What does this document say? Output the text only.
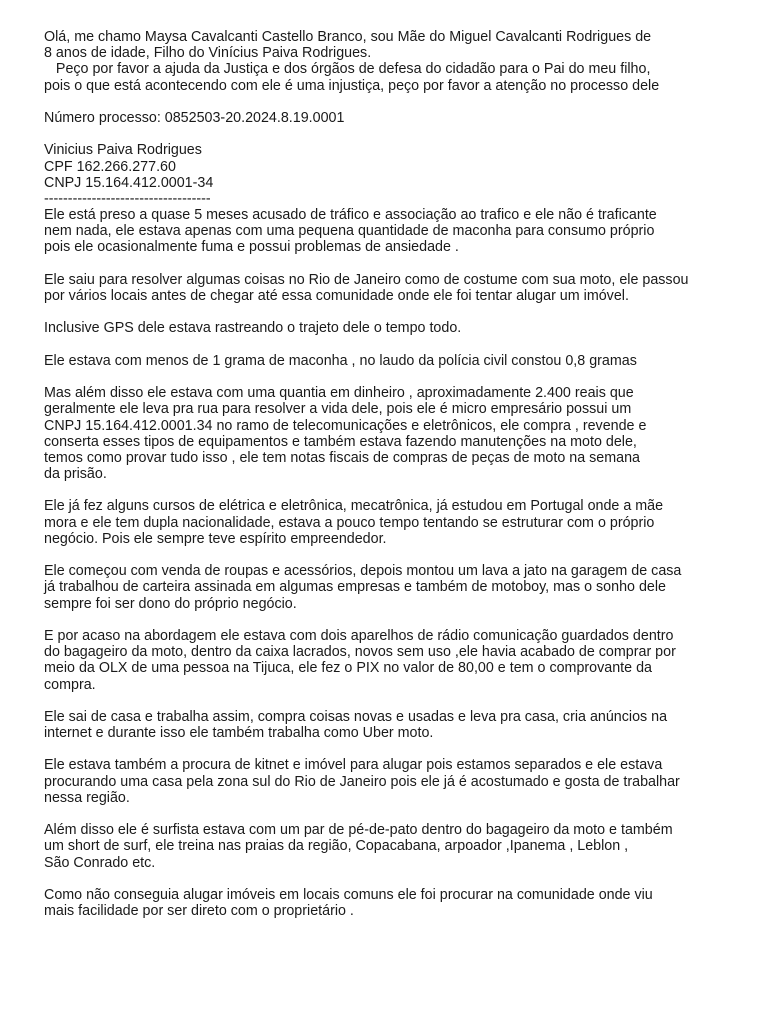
Olá, me chamo Maysa Cavalcanti Castello Branco, sou Mãe do Miguel Cavalcanti Rodrigues de
8 anos de idade, Filho do Vinícius Paiva Rodrigues.
Peço por favor a ajuda da Justiça e dos órgãos de defesa do cidadão para o Pai do meu filho,
pois o que está acontecendo com ele é uma injustiça, peço por favor a atenção no processo dele
Número processo: 0852503-20.2024.8.19.0001
Vinicius Paiva Rodrigues
CPF 162.266.277.60
CNPJ 15.164.412.0001-34
-----------------------------------
Ele está preso a quase 5 meses acusado de tráfico e associação ao trafico e ele não é traficante
nem nada, ele estava apenas com uma pequena quantidade de maconha para consumo próprio
pois ele ocasionalmente fuma e possui problemas de ansiedade .
Ele saiu para resolver algumas coisas no Rio de Janeiro como de costume com sua moto, ele passou
por vários locais antes de chegar até essa comunidade onde ele foi tentar alugar um imóvel.
Inclusive GPS dele estava rastreando o trajeto dele o tempo todo.
Ele estava com menos de 1 grama de maconha , no laudo da polícia civil constou 0,8 gramas
Mas além disso ele estava com uma quantia em dinheiro , aproximadamente 2.400 reais que
geralmente ele leva pra rua para resolver a vida dele, pois ele é micro empresário possui um
CNPJ 15.164.412.0001.34 no ramo de telecomunicações e eletrônicos, ele compra , revende e
conserta esses tipos de equipamentos e também estava fazendo manutenções na moto dele,
temos como provar tudo isso , ele tem notas fiscais de compras de peças de moto na semana
da prisão.
Ele já fez alguns cursos de elétrica e eletrônica, mecatrônica, já estudou em Portugal onde a mãe
mora e ele tem dupla nacionalidade, estava a pouco tempo tentando se estruturar com o próprio
negócio. Pois ele sempre teve espírito empreendedor.
Ele começou com venda de roupas e acessórios, depois montou um lava a jato na garagem de casa
já trabalhou de carteira assinada em algumas empresas e também de motoboy, mas o sonho dele
sempre foi ser dono do próprio negócio.
E por acaso na abordagem ele estava com dois aparelhos de rádio comunicação guardados dentro
do bagageiro da moto, dentro da caixa lacrados, novos sem uso ,ele havia acabado de comprar por
meio da OLX de uma pessoa na Tijuca, ele fez o PIX no valor de 80,00 e tem o comprovante da
compra.
Ele sai de casa e trabalha assim, compra coisas novas e usadas e leva pra casa, cria anúncios na
internet e durante isso ele também trabalha como Uber moto.
Ele estava também a procura de kitnet e imóvel para alugar pois estamos separados e ele estava
procurando uma casa pela zona sul do Rio de Janeiro pois ele já é acostumado e gosta de trabalhar
nessa região.
Além disso ele é surfista estava com um par de pé-de-pato dentro do bagageiro da moto e também
um short de surf, ele treina nas praias da região, Copacabana, arpoador ,Ipanema , Leblon ,
São Conrado etc.
Como não conseguia alugar imóveis em locais comuns ele foi procurar na comunidade onde viu
mais facilidade por ser direto com o proprietário .
